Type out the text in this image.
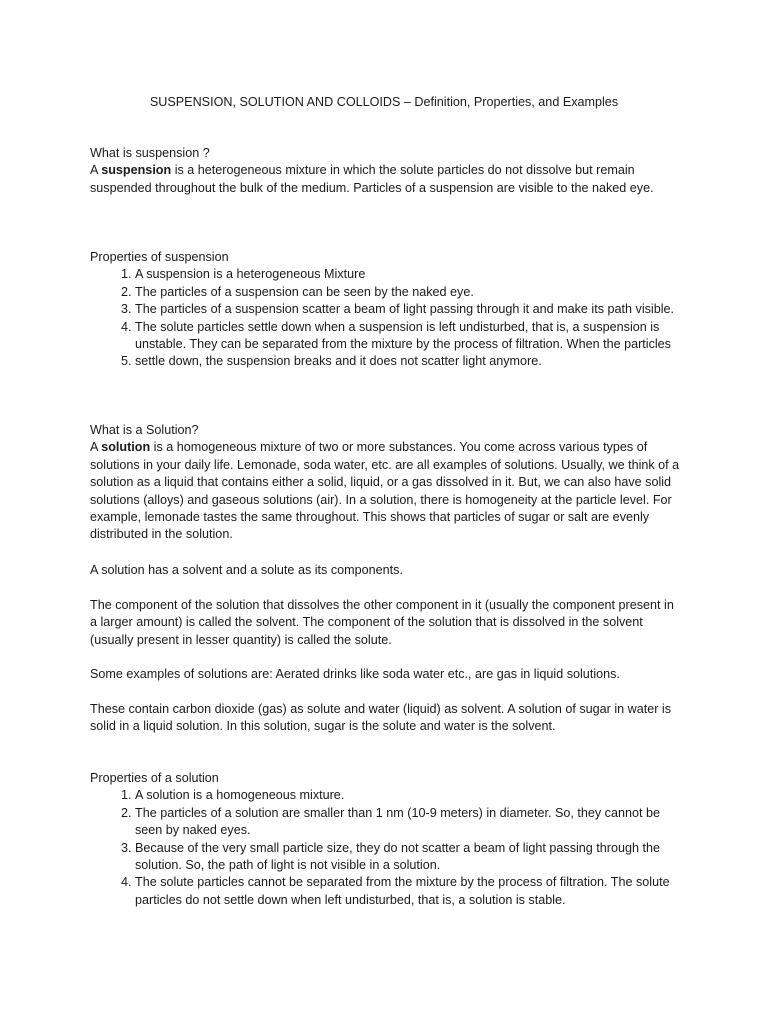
SUSPENSION, SOLUTION AND COLLOIDS – Definition, Properties, and Examples

What is suspension ?

A suspension is a heterogeneous mixture in which the solute particles do not dissolve but remain suspended throughout the bulk of the medium. Particles of a suspension are visible to the naked eye.

Properties of suspension

1. A suspension is a heterogeneous Mixture
2. The particles of a suspension can be seen by the naked eye.
3. The particles of a suspension scatter a beam of light passing through it and make its path visible.
4. The solute particles settle down when a suspension is left undisturbed, that is, a suspension is unstable. They can be separated from the mixture by the process of filtration. When the particles
5. settle down, the suspension breaks and it does not scatter light anymore.

What is a Solution?

A solution is a homogeneous mixture of two or more substances. You come across various types of solutions in your daily life. Lemonade, soda water, etc. are all examples of solutions. Usually, we think of a solution as a liquid that contains either a solid, liquid, or a gas dissolved in it. But, we can also have solid solutions (alloys) and gaseous solutions (air). In a solution, there is homogeneity at the particle level. For example, lemonade tastes the same throughout. This shows that particles of sugar or salt are evenly distributed in the solution.

A solution has a solvent and a solute as its components.

The component of the solution that dissolves the other component in it (usually the component present in a larger amount) is called the solvent. The component of the solution that is dissolved in the solvent (usually present in lesser quantity) is called the solute.

Some examples of solutions are: Aerated drinks like soda water etc., are gas in liquid solutions.

These contain carbon dioxide (gas) as solute and water (liquid) as solvent. A solution of sugar in water is solid in a liquid solution. In this solution, sugar is the solute and water is the solvent.

Properties of a solution

1. A solution is a homogeneous mixture.
2. The particles of a solution are smaller than 1 nm (10-9 meters) in diameter. So, they cannot be seen by naked eyes.
3. Because of the very small particle size, they do not scatter a beam of light passing through the solution. So, the path of light is not visible in a solution.
4. The solute particles cannot be separated from the mixture by the process of filtration. The solute particles do not settle down when left undisturbed, that is, a solution is stable.
